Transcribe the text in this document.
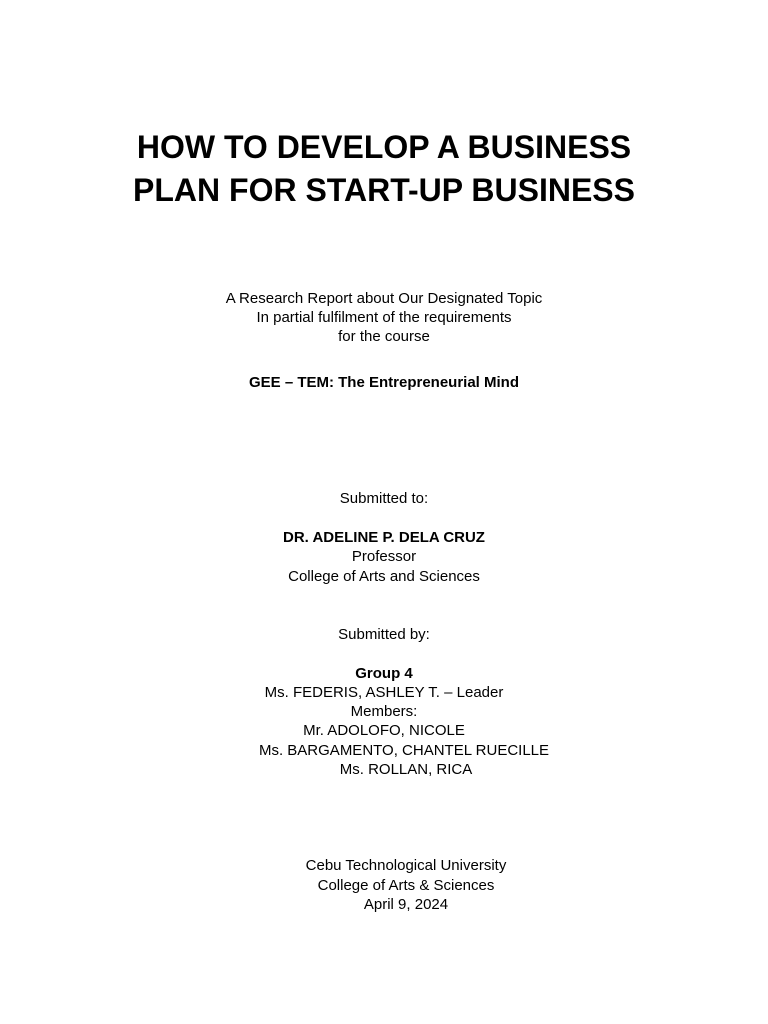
HOW TO DEVELOP A BUSINESS
PLAN FOR START-UP BUSINESS
A Research Report about Our Designated Topic
In partial fulfilment of the requirements
for the course
GEE – TEM: The Entrepreneurial Mind
Submitted to:
DR. ADELINE P. DELA CRUZ
Professor
College of Arts and Sciences
Submitted by:
Group 4
Ms. FEDERIS, ASHLEY T. – Leader
Members:
Mr. ADOLOFO, NICOLE
Ms. BARGAMENTO, CHANTEL RUECILLE
Ms. ROLLAN, RICA
Cebu Technological University
College of Arts & Sciences
April 9, 2024
